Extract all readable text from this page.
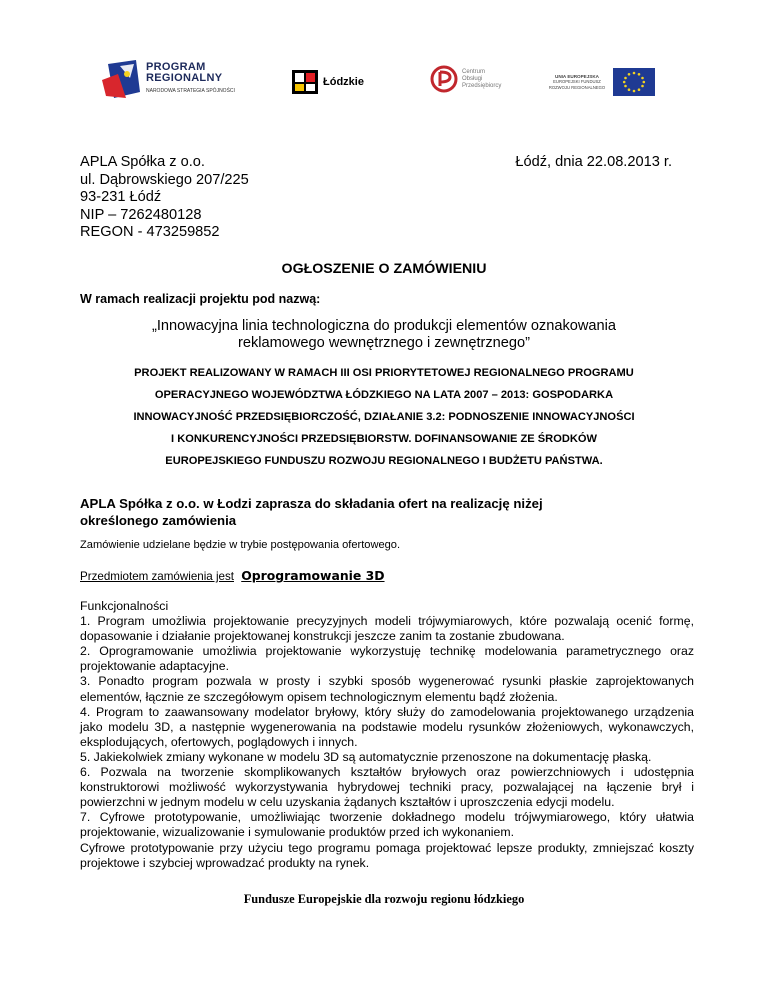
PROGRAM
REGIONALNY
NARODOWA STRATEGIA SPÓJNOŚCI
Łódzkie
Centrum
Obsługi
Przedsiębiorcy
UNIA EUROPEJSKA
EUROPEJSKI FUNDUSZ
ROZWOJU REGIONALNEGO
APLA Spółka z o.o.
ul. Dąbrowskiego 207/225
93-231 Łódź
NIP – 7262480128
REGON - 473259852
Łódź, dnia 22.08.2013 r.
OGŁOSZENIE O ZAMÓWIENIU
W ramach realizacji projektu pod nazwą:
„Innowacyjna linia technologiczna do produkcji elementów oznakowania
reklamowego wewnętrznego i zewnętrznego”
PROJEKT REALIZOWANY W RAMACH III OSI PRIORYTETOWEJ REGIONALNEGO PROGRAMU
OPERACYJNEGO WOJEWÓDZTWA ŁÓDZKIEGO NA LATA 2007 – 2013: GOSPODARKA
INNOWACYJNOŚĆ PRZEDSIĘBIORCZOŚĆ, DZIAŁANIE 3.2: PODNOSZENIE INNOWACYJNOŚCI
I KONKURENCYJNOŚCI PRZEDSIĘBIORSTW. DOFINANSOWANIE ZE ŚRODKÓW
EUROPEJSKIEGO FUNDUSZU ROZWOJU REGIONALNEGO I BUDŻETU PAŃSTWA.
APLA Spółka z o.o. w Łodzi zaprasza do składania ofert na realizację niżej
określonego zamówienia
Zamówienie udzielane będzie w trybie postępowania ofertowego.
Przedmiotem zamówienia jest Oprogramowanie 3D

Funkcjonalności

1. Program umożliwia projektowanie precyzyjnych modeli trójwymiarowych, które pozwalają ocenić formę, dopasowanie i działanie projektowanej konstrukcji jeszcze zanim ta zostanie zbudowana.

2. Oprogramowanie umożliwia projektowanie wykorzystuję technikę modelowania parametrycznego oraz projektowanie adaptacyjne.

3. Ponadto program pozwala w prosty i szybki sposób wygenerować rysunki płaskie zaprojektowanych elementów, łącznie ze szczegółowym opisem technologicznym elementu bądź złożenia.

4. Program to zaawansowany modelator bryłowy, który służy do zamodelowania projektowanego urządzenia jako modelu 3D, a następnie wygenerowania na podstawie modelu rysunków złożeniowych, wykonawczych, eksplodujących, ofertowych, poglądowych i innych.

5. Jakiekolwiek zmiany wykonane w modelu 3D są automatycznie przenoszone na dokumentację płaską.

6. Pozwala na tworzenie skomplikowanych kształtów bryłowych oraz powierzchniowych i udostępnia konstruktorowi możliwość wykorzystywania hybrydowej techniki pracy, pozwalającej na łączenie brył i powierzchni w jednym modelu w celu uzyskania żądanych kształtów i uproszczenia edycji modelu.

7. Cyfrowe prototypowanie, umożliwiając tworzenie dokładnego modelu trójwymiarowego, który ułatwia projektowanie, wizualizowanie i symulowanie produktów przed ich wykonaniem.

Cyfrowe prototypowanie przy użyciu tego programu pomaga projektować lepsze produkty, zmniejszać koszty projektowe i szybciej wprowadzać produkty na rynek.

Fundusze Europejskie dla rozwoju regionu łódzkiego
